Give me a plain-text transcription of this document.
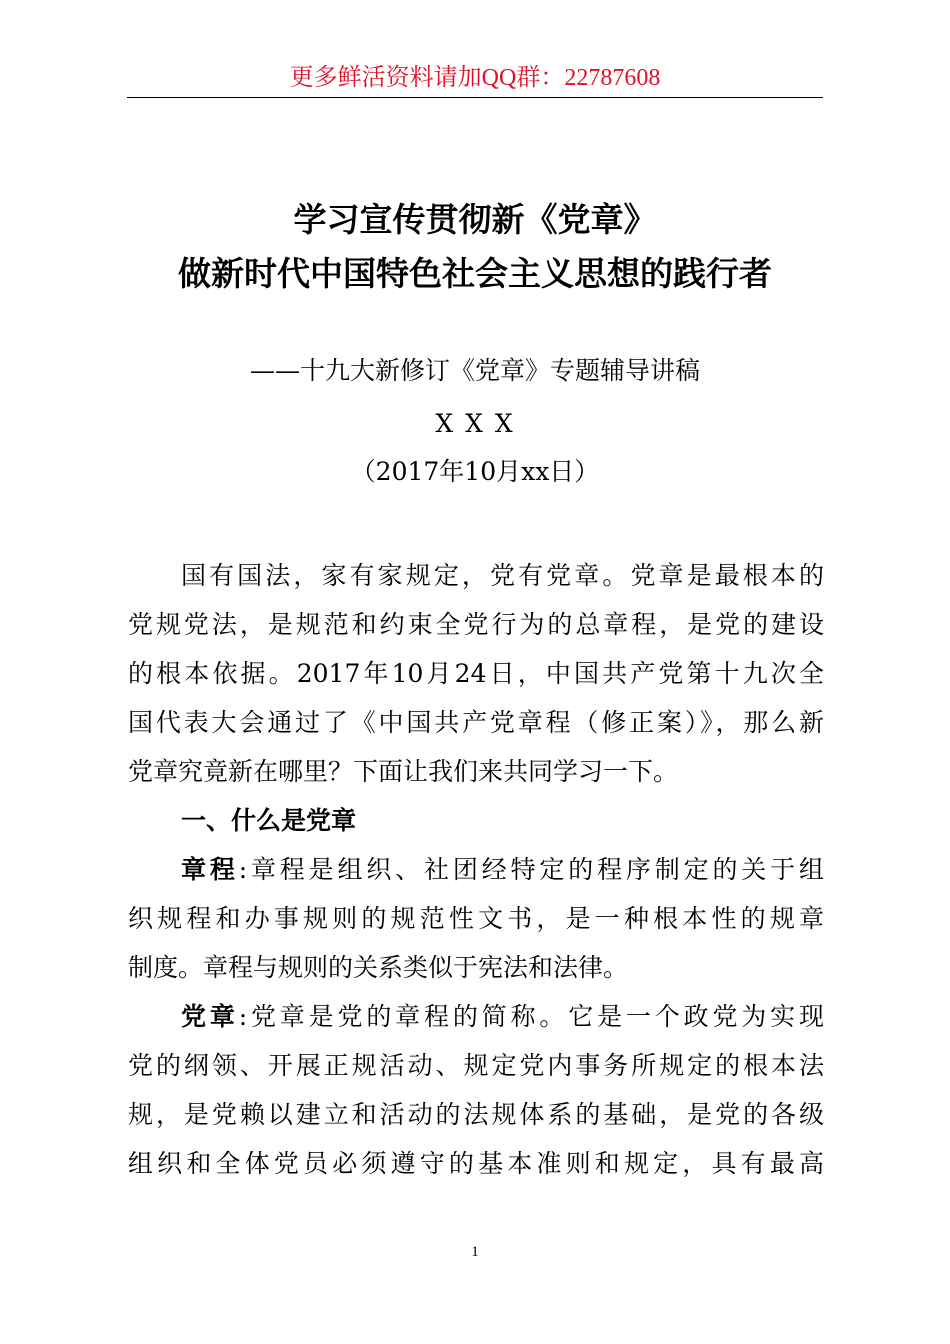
更多鲜活资料请加QQ群：22787608
学习宣传贯彻新《党章》
做新时代中国特色社会主义思想的践行者
——十九大新修订《党章》专题辅导讲稿
X X X
（2017年10月xx日）
国有国法，家有家规定，党有党章。党章是最根本的
党规党法，是规范和约束全党行为的总章程，是党的建设
的根本依据。2017年10月24日，中国共产党第十九次全
国代表大会通过了《中国共产党章程（修正案）》，那么新
党章究竟新在哪里？下面让我们来共同学习一下。
一、什么是党章
章程:章程是组织、社团经特定的程序制定的关于组
织规程和办事规则的规范性文书，是一种根本性的规章
制度。章程与规则的关系类似于宪法和法律。
党章:党章是党的章程的简称。它是一个政党为实现
党的纲领、开展正规活动、规定党内事务所规定的根本法
规，是党赖以建立和活动的法规体系的基础，是党的各级
组织和全体党员必须遵守的基本准则和规定，具有最高
1
